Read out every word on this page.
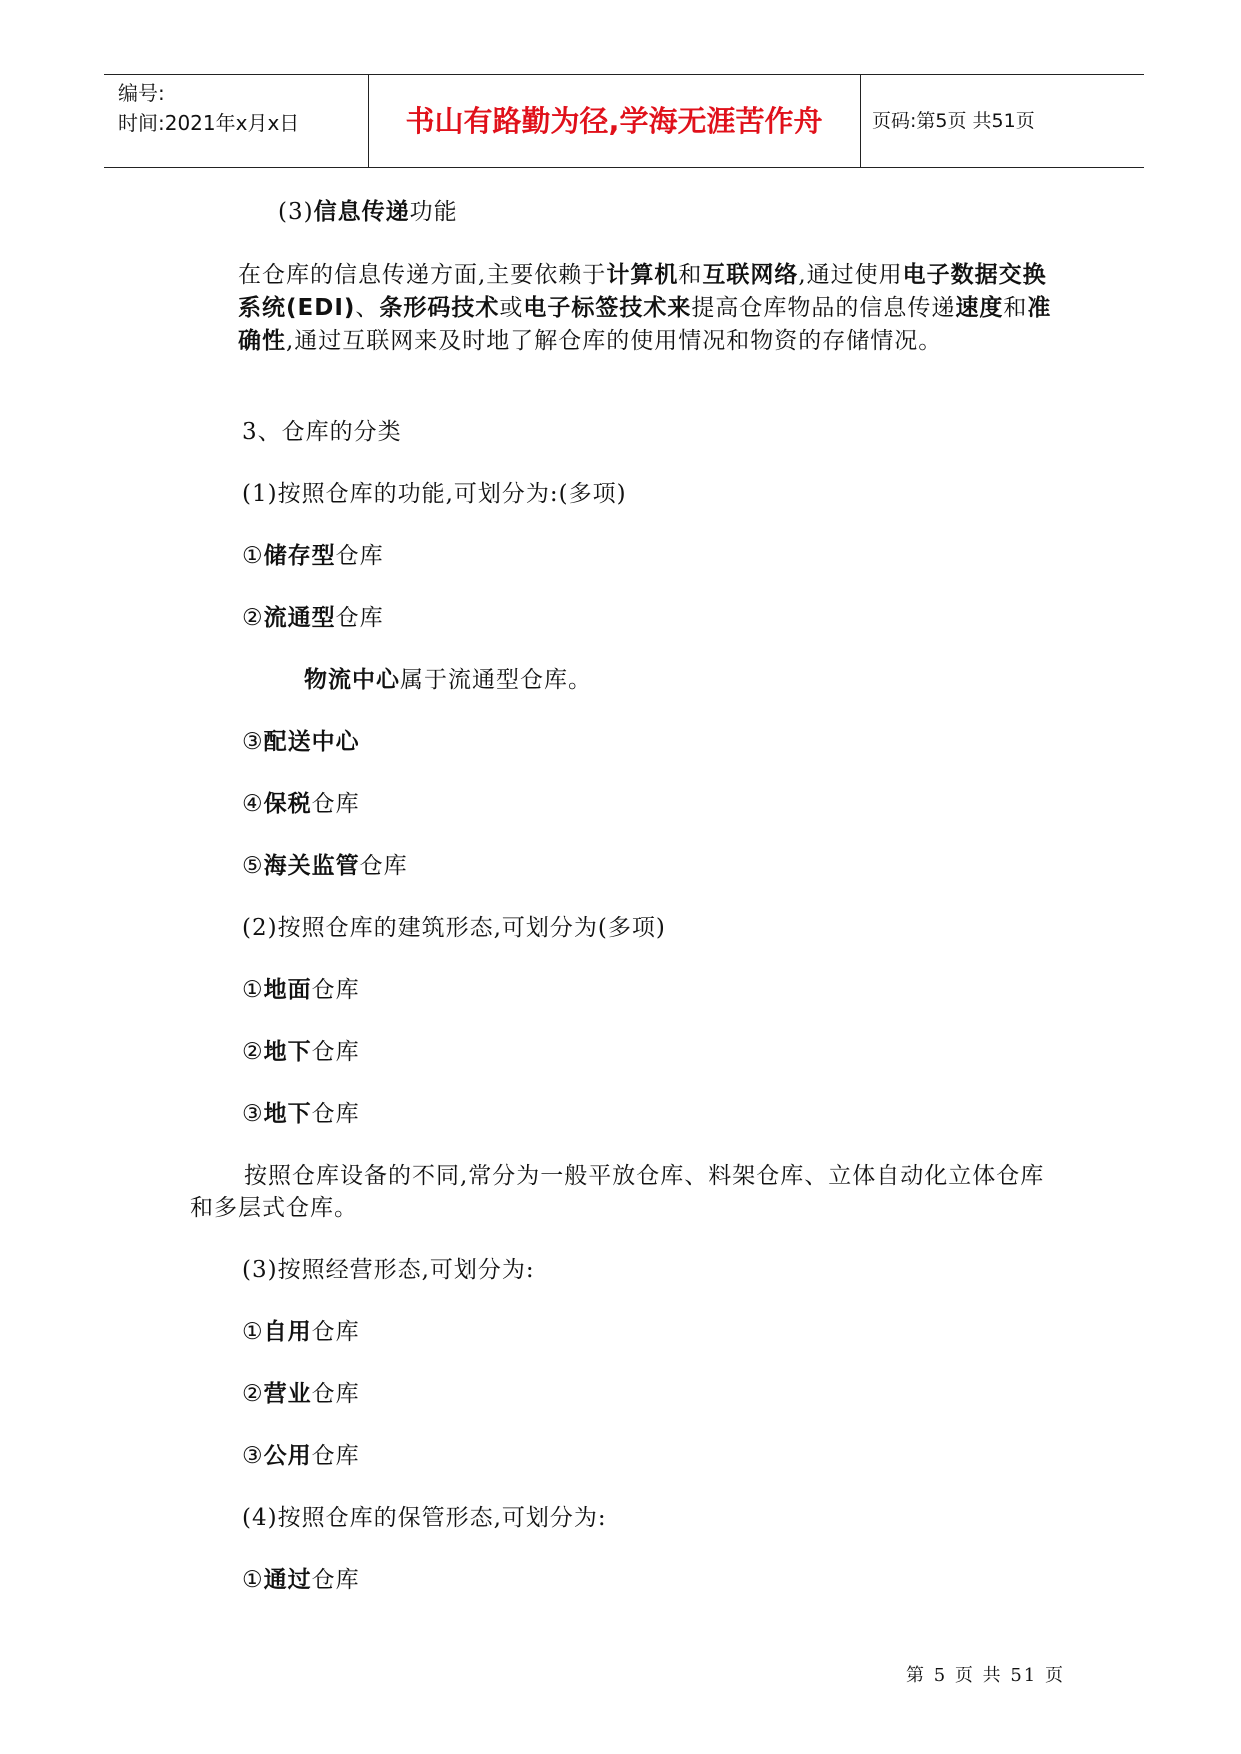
编号:
时间:2021年x月x日	书山有路勤为径,学海无涯苦作舟	页码:第5页 共51页
(3)信息传递功能
在仓库的信息传递方面,主要依赖于计算机和互联网络,通过使用电子数据交换系统(EDI)、条形码技术或电子标签技术来提高仓库物品的信息传递速度和准确性,通过互联网来及时地了解仓库的使用情况和物资的存储情况。
3、仓库的分类
(1)按照仓库的功能,可划分为:(多项)
①储存型仓库
②流通型仓库
物流中心属于流通型仓库。
③配送中心
④保税仓库
⑤海关监管仓库
(2)按照仓库的建筑形态,可划分为(多项)
①地面仓库
②地下仓库
③地下仓库
按照仓库设备的不同,常分为一般平放仓库、料架仓库、立体自动化立体仓库和多层式仓库。
(3)按照经营形态,可划分为:
①自用仓库
②营业仓库
③公用仓库
(4)按照仓库的保管形态,可划分为:
①通过仓库
第 5 页 共 51 页
